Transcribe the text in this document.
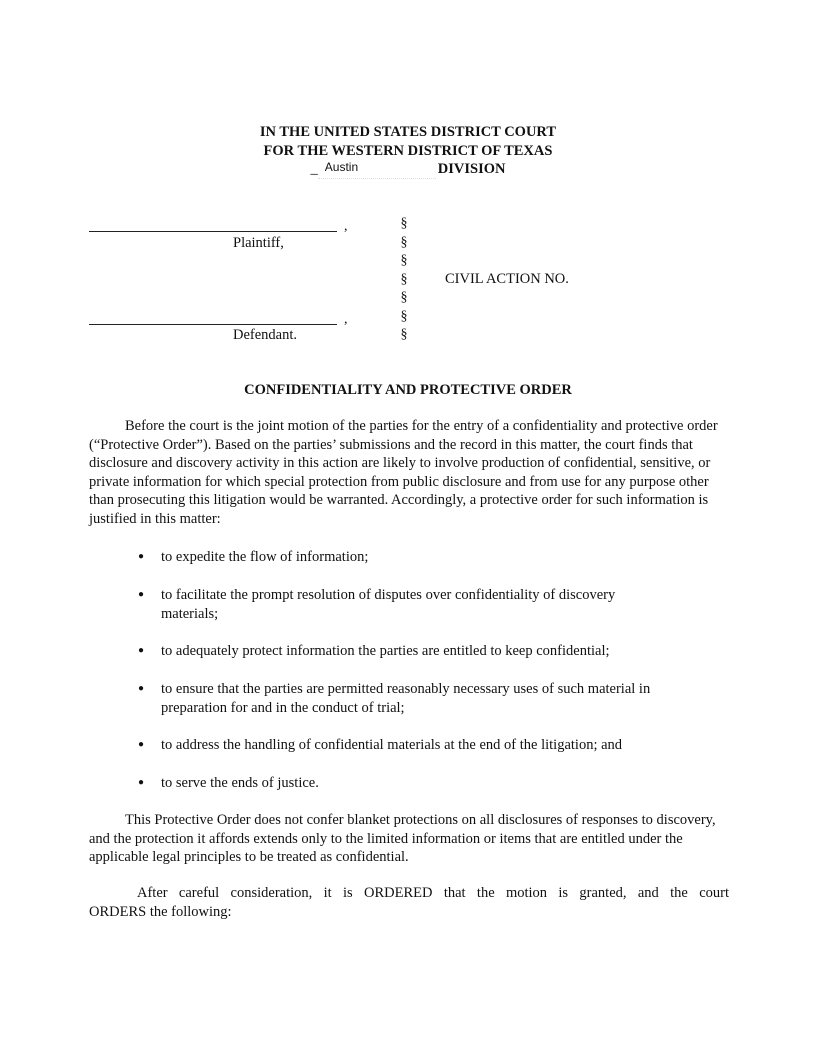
IN THE UNITED STATES DISTRICT COURT
FOR THE WESTERN DISTRICT OF TEXAS
_ Austin	DIVISION
,
Plaintiff,
,
Defendant.
§
§
§
§
§
§
§
CIVIL ACTION NO.
CONFIDENTIALITY AND PROTECTIVE ORDER
Before the court is the joint motion of the parties for the entry of a confidentiality and protective order (“Protective Order”). Based on the parties’ submissions and the record in this matter, the court finds that disclosure and discovery activity in this action are likely to involve production of confidential, sensitive, or private information for which special protection from public disclosure and from use for any purpose other than prosecuting this litigation would be warranted. Accordingly, a protective order for such information is justified in this matter:
● to expedite the flow of information;
● to facilitate the prompt resolution of disputes over confidentiality of discovery materials;
● to adequately protect information the parties are entitled to keep confidential;
● to ensure that the parties are permitted reasonably necessary uses of such material in preparation for and in the conduct of trial;
● to address the handling of confidential materials at the end of the litigation; and
● to serve the ends of justice.
This Protective Order does not confer blanket protections on all disclosures of responses to discovery, and the protection it affords extends only to the limited information or items that are entitled under the applicable legal principles to be treated as confidential.
After careful consideration, it is ORDERED that the motion is granted, and the court
ORDERS the following:
